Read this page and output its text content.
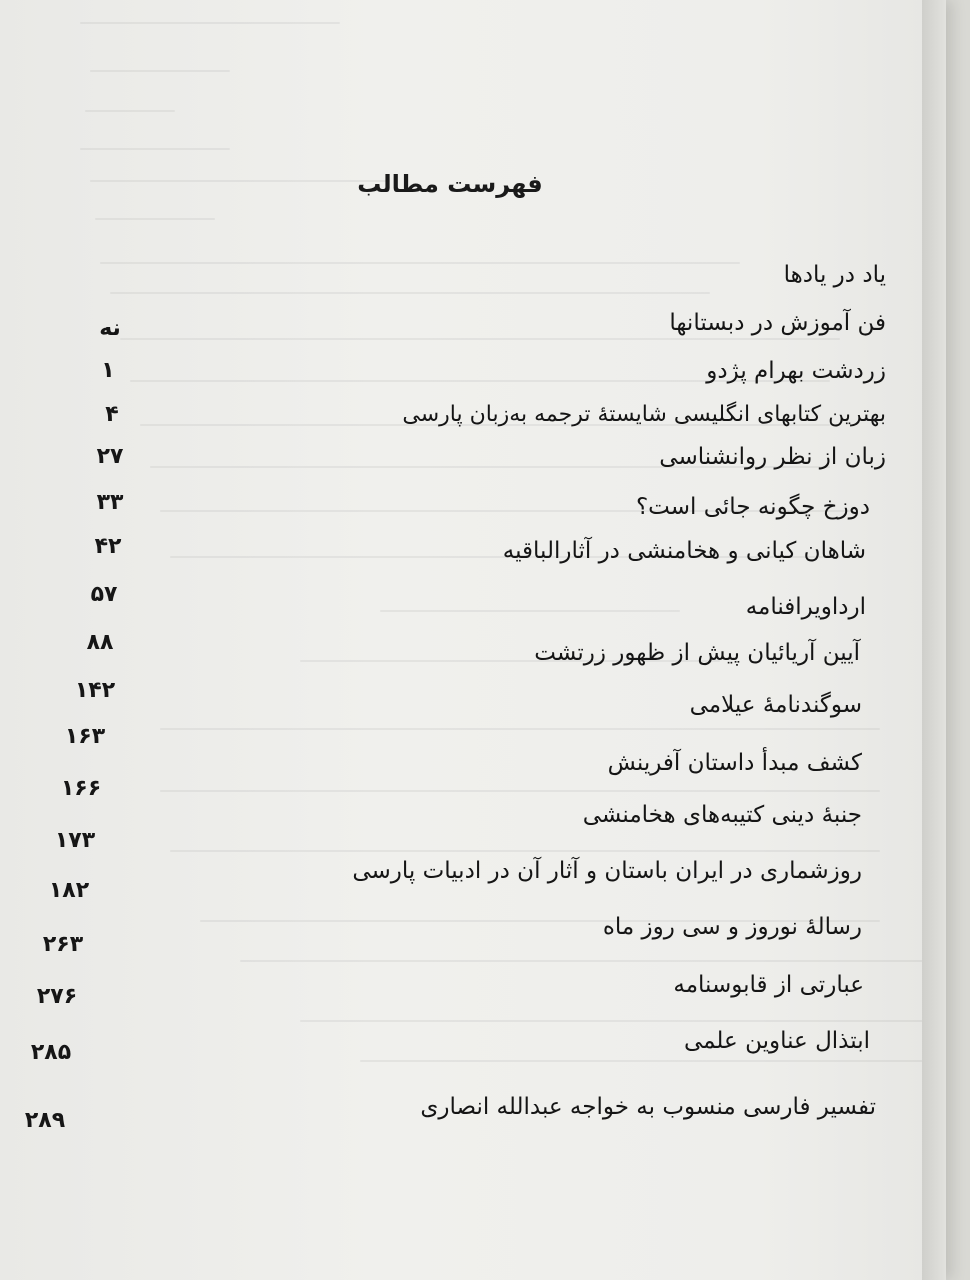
فهرست مطالب
یاد در یادها
فن آموزش در دبستانها
نه
زردشت بهرام پژدو
۱
بهترین کتابهای انگلیسی شایستهٔ ترجمه به‌زبان پارسی
۴
زبان از نظر روانشناسی
۲۷
دوزخ چگونه جائی است؟
۳۳
شاهان کیانی و هخامنشی در آثارالباقیه
۴۲
ارداویرافنامه
۵۷
آیین آریائیان پیش از ظهور زرتشت
۸۸
سوگندنامهٔ عیلامی
۱۴۲
کشف مبدأ داستان آفرینش
۱۶۳
جنبهٔ دینی کتیبه‌های هخامنشی
۱۶۶
روزشماری در ایران باستان و آثار آن در ادبیات پارسی
۱۷۳
رسالهٔ نوروز و سی روز ماه
۱۸۲
عبارتی از قابوسنامه
۲۶۳
ابتذال عناوین علمی
۲۷۶
تفسیر فارسی منسوب به خواجه عبدالله انصاری
۲۸۵
۲۸۹
